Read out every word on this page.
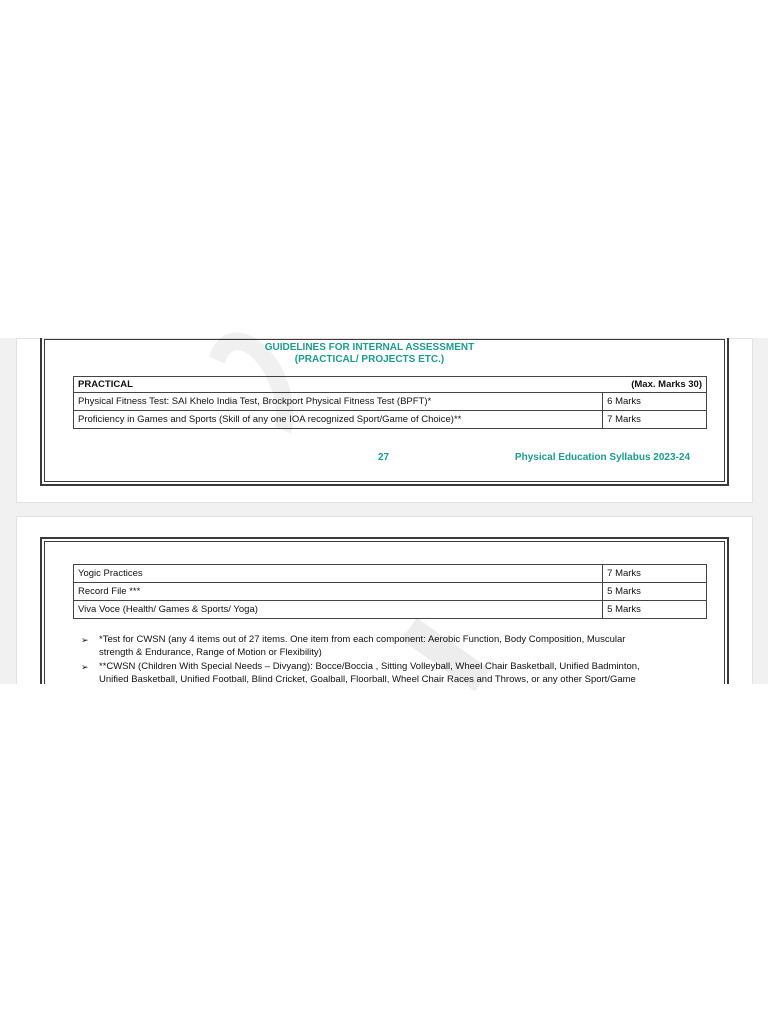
GUIDELINES FOR INTERNAL ASSESSMENT
(PRACTICAL/ PROJECTS ETC.)
PRACTICAL	(Max. Marks 30)
Physical Fitness Test: SAI Khelo India Test, Brockport Physical Fitness Test (BPFT)*	6 Marks
Proficiency in Games and Sports (Skill of any one IOA recognized Sport/Game of Choice)**	7 Marks
27	Physical Education Syllabus 2023-24
Yogic Practices	7 Marks
Record File ***	5 Marks
Viva Voce (Health/ Games & Sports/ Yoga)	5 Marks
➢ *Test for CWSN (any 4 items out of 27 items. One item from each component: Aerobic Function, Body Composition, Muscular
strength & Endurance, Range of Motion or Flexibility)
➢ **CWSN (Children With Special Needs – Divyang): Bocce/Boccia , Sitting Volleyball, Wheel Chair Basketball, Unified Badminton,
Unified Basketball, Unified Football, Blind Cricket, Goalball, Floorball, Wheel Chair Races and Throws, or any other Sport/Game
